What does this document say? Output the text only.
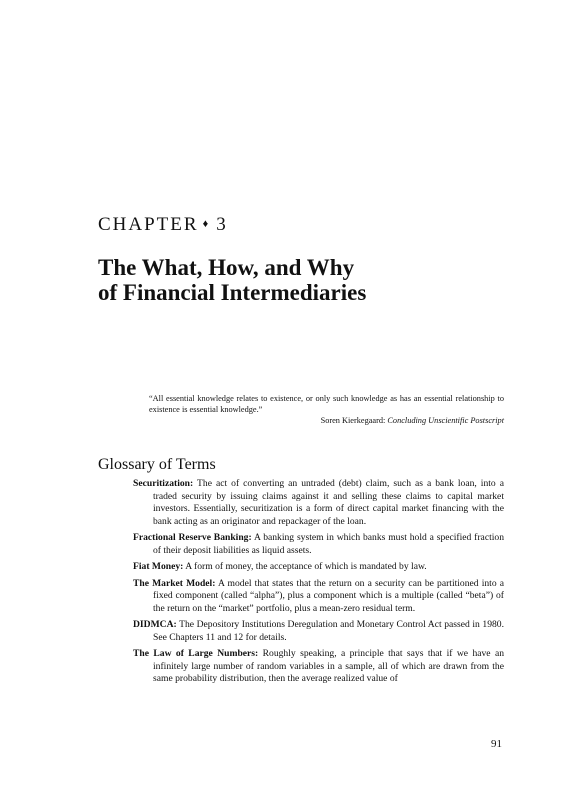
CHAPTER ♦ 3
The What, How, and Why
of Financial Intermediaries

“All essential knowledge relates to existence, or only such knowledge as has an essential relationship to existence is essential knowledge.”

Soren Kierkegaard: Concluding Unscientific Postscript
Glossary of Terms

Securitization: The act of converting an untraded (debt) claim, such as a bank loan, into a traded security by issuing claims against it and selling these claims to capital market investors. Essentially, securitization is a form of direct capital market financing with the bank acting as an originator and repackager of the loan.

Fractional Reserve Banking: A banking system in which banks must hold a specified fraction of their deposit liabilities as liquid assets.

Fiat Money: A form of money, the acceptance of which is mandated by law.

The Market Model: A model that states that the return on a security can be partitioned into a fixed component (called “alpha”), plus a component which is a multiple (called “beta”) of the return on the “market” portfolio, plus a mean-zero residual term.

DIDMCA: The Depository Institutions Deregulation and Monetary Control Act passed in 1980. See Chapters 11 and 12 for details.

The Law of Large Numbers: Roughly speaking, a principle that says that if we have an infinitely large number of random variables in a sample, all of which are drawn from the same probability distribution, then the average realized value of

91
